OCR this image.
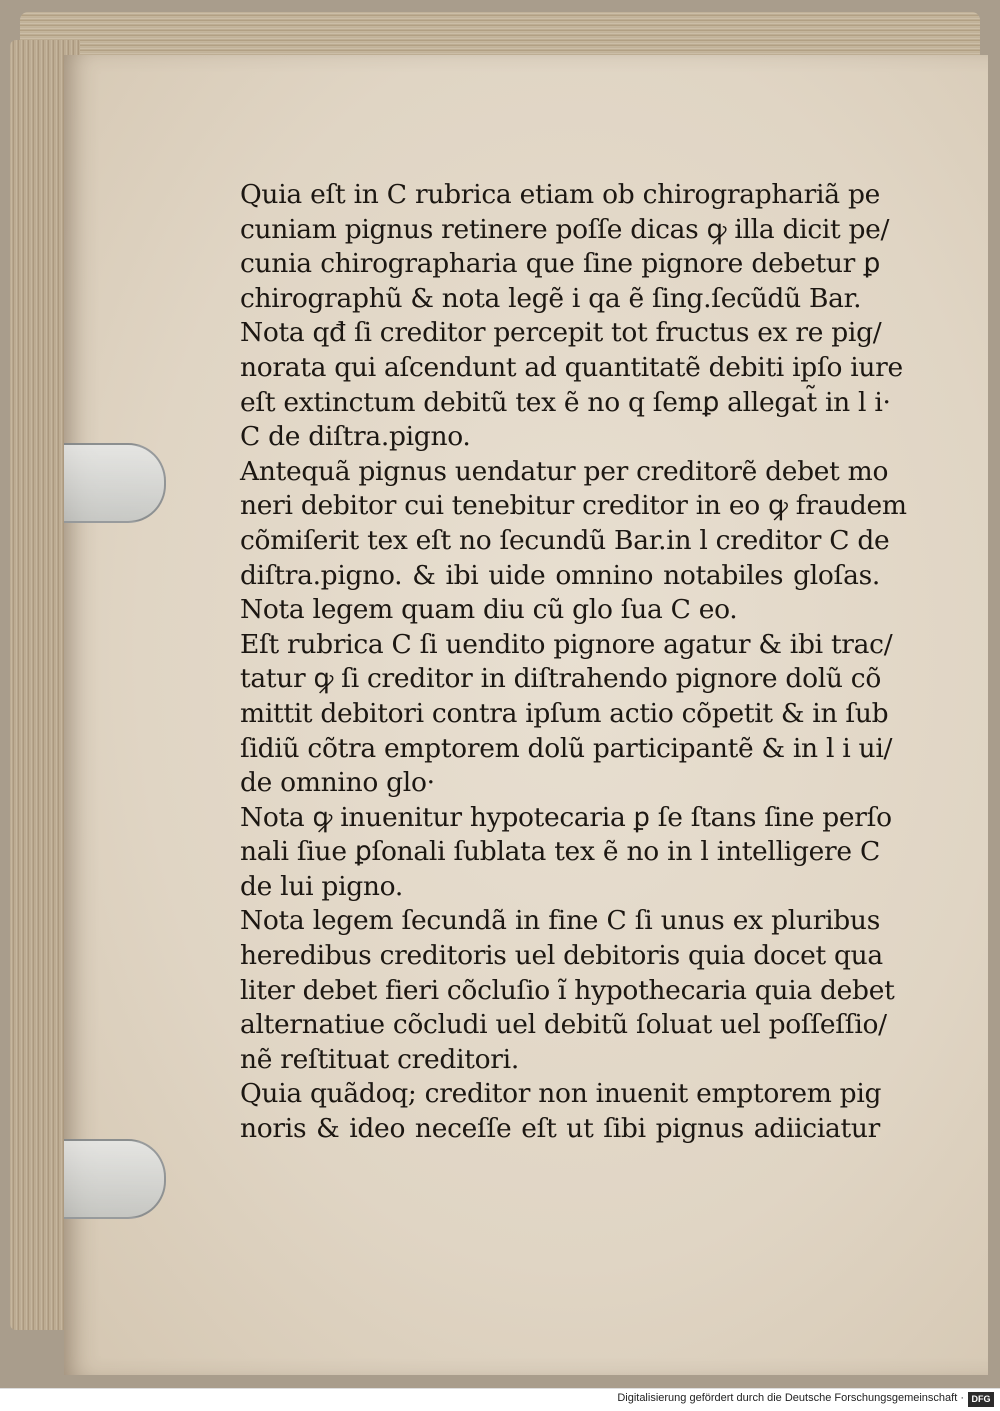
Quia eſt in C rubrica etiam ob chirographariã pe
cuniam pignus retinere poſſe dicas ꝙ illa dicit pe/
cunia chirographaria que ſine pignore debetur ꝑ
chirographũ & nota legẽ i qa ẽ ſing.ſecũdũ Bar.
Nota qđ ſi creditor percepit tot fructus ex re pig/
norata qui aſcendunt ad quantitatẽ debiti ipſo iure
eſt extinctum debitũ tex ẽ no q ſemꝑ allegat̃ in l i·
C de diſtra.pigno.
Antequã pignus uendatur per creditorẽ debet mo
neri debitor cui tenebitur creditor in eo ꝙ fraudem
cõmiſerit tex eſt no ſecundũ Bar.in l creditor C de
diſtra.pigno. & ibi uide omnino notabiles gloſas.
Nota legem quam diu cũ glo ſua C eo.
Eſt rubrica C ſi uendito pignore agatur & ibi trac/
tatur ꝙ ſi creditor in diſtrahendo pignore dolũ cõ
mittit debitori contra ipſum actio cõpetit & in ſub
ſidiũ cõtra emptorem dolũ participantẽ & in l i ui/
de omnino glo·
Nota ꝙ inuenitur hypotecaria ꝑ ſe ſtans ſine perſo
nali ſiue ꝑſonali ſublata tex ẽ no in l intelligere C
de lui pigno.
Nota legem ſecundã in fine C ſi unus ex pluribus
heredibus creditoris uel debitoris quia docet qua
liter debet fieri cõcluſio ĩ hypothecaria quia debet
alternatiue cõcludi uel debitũ ſoluat uel poſſeſſio/
nẽ reſtituat creditori.
Quia quãdoq; creditor non inuenit emptorem pig
noris & ideo neceſſe eſt ut ſibi pignus adiiciatur
Digitalisierung gefördert durch die Deutsche Forschungsgemeinschaft · DFG
